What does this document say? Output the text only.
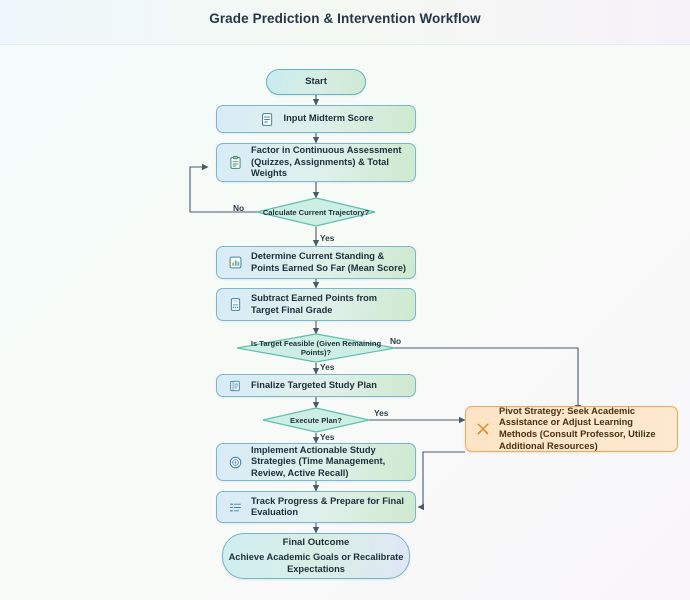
Grade Prediction & Intervention Workflow
Start
Input Midterm Score
Factor in Continuous Assessment (Quizzes, Assignments) & Total Weights
Calculate Current Trajectory?
No
Yes
Determine Current Standing & Points Earned So Far (Mean Score)
Subtract Earned Points from Target Final Grade
Is Target Feasible (Given Remaining Points)?
No
Yes
Finalize Targeted Study Plan
Execute Plan?
Yes
Yes
Implement Actionable Study Strategies (Time Management, Review, Active Recall)
Track Progress & Prepare for Final Evaluation
Pivot Strategy: Seek Academic Assistance or Adjust Learning Methods (Consult Professor, Utilize Additional Resources)
Final Outcome
Achieve Academic Goals or Recalibrate Expectations
